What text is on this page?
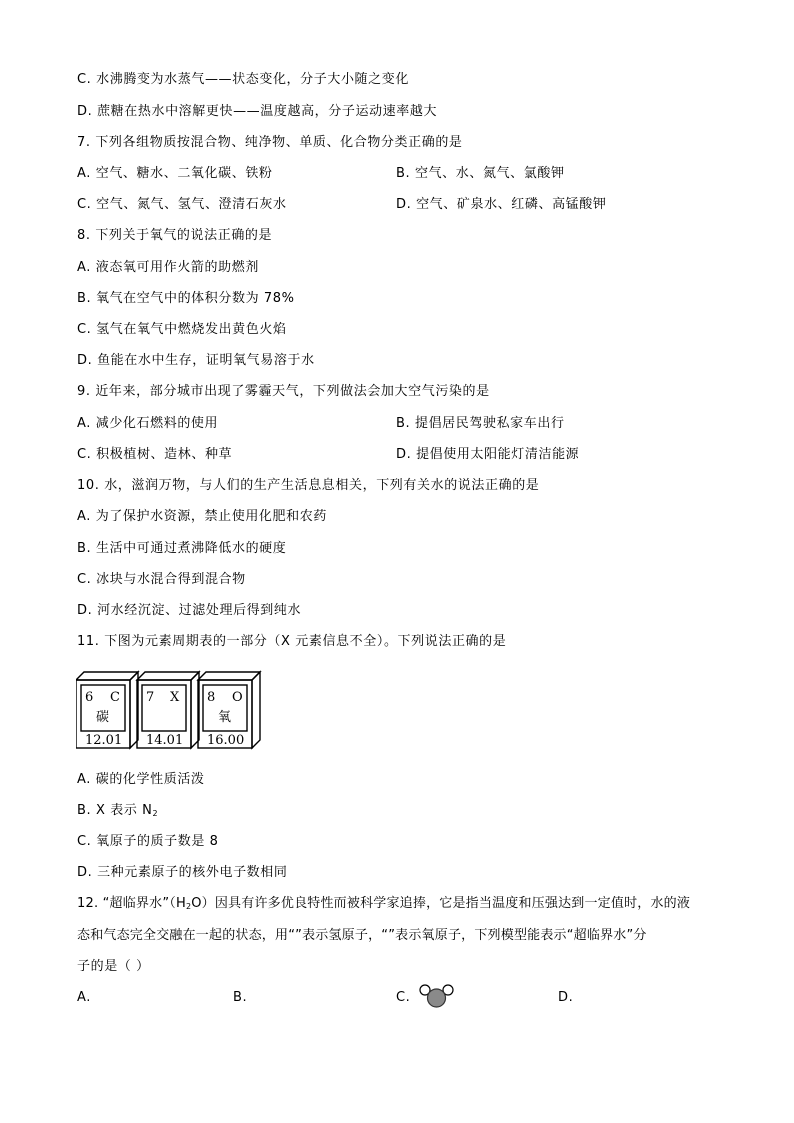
C. 水沸腾变为水蒸气——状态变化，分子大小随之变化
D. 蔗糖在热水中溶解更快——温度越高，分子运动速率越大
7. 下列各组物质按混合物、纯净物、单质、化合物分类正确的是
A. 空气、糖水、二氧化碳、铁粉	B. 空气、水、氮气、氯酸钾
C. 空气、氮气、氢气、澄清石灰水	D. 空气、矿泉水、红磷、高锰酸钾
8. 下列关于氧气的说法正确的是
A. 液态氧可用作火箭的助燃剂
B. 氧气在空气中的体积分数为 78%
C. 氢气在氧气中燃烧发出黄色火焰
D. 鱼能在水中生存，证明氧气易溶于水
9. 近年来，部分城市出现了雾霾天气，下列做法会加大空气污染的是
A. 减少化石燃料的使用	B. 提倡居民驾驶私家车出行
C. 积极植树、造林、种草	D. 提倡使用太阳能灯清洁能源
10. 水，滋润万物，与人们的生产生活息息相关，下列有关水的说法正确的是
A. 为了保护水资源，禁止使用化肥和农药
B. 生活中可通过煮沸降低水的硬度
C. 冰块与水混合得到混合物
D. 河水经沉淀、过滤处理后得到纯水
11. 下图为元素周期表的一部分（X 元素信息不全）。下列说法正确的是
6 C
碳
12.01
7 X
14.01
8 O
氧
16.00
A. 碳的化学性质活泼
B. X 表示 $N_2$
C. 氧原子的质子数是 8
D. 三种元素原子的核外电子数相同
12. “超临界水$”(H_2O)$因具有许多优良特性而被科学家追捧，它是指当温度和压强达到一定值时，水的液
态和气态完全交融在一起的状态，用“”表示氢原子，“”表示氧原子，下列模型能表示“超临界水”分
子的是（ ）
A.	B.	C.	D.
